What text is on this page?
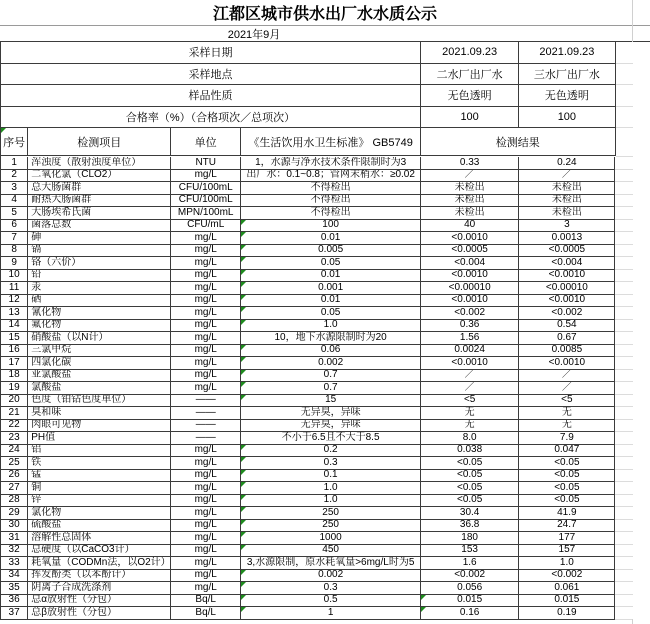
江都区城市供水出厂水水质公示
2021年9月
采样日期	2021.09.23	2021.09.23
采样地点	二水厂出厂水	三水厂出厂水
样品性质	无色透明	无色透明
合格率（%）（合格项次／总项次）	100	100
序号	检测项目	单位	《生活饮用水卫生标准》 GB5749	检测结果
1	浑浊度（散射浊度单位）	NTU	1，水源与净水技术条件限制时为3	0.33	0.24
2	二氧化氯（CLO2）	mg/L	出厂水：0.1~0.8；管网末梢水：≥0.02	／	／
3	总大肠菌群	CFU/100mL	不得检出	未检出	未检出
4	耐热大肠菌群	CFU/100mL	不得检出	未检出	未检出
5	大肠埃希氏菌	MPN/100mL	不得检出	未检出	未检出
6	菌落总数	CFU/mL	100	40	3
7	砷	mg/L	0.01	<0.0010	0.0013
8	镉	mg/L	0.005	<0.0005	<0.0005
9	铬（六价）	mg/L	0.05	<0.004	<0.004
10	铅	mg/L	0.01	<0.0010	<0.0010
11	汞	mg/L	0.001	<0.00010	<0.00010
12	硒	mg/L	0.01	<0.0010	<0.0010
13	氰化物	mg/L	0.05	<0.002	<0.002
14	氟化物	mg/L	1.0	0.36	0.54
15	硝酸盐（以N计）	mg/L	10，地下水源限制时为20	1.56	0.67
16	三氯甲烷	mg/L	0.06	0.0024	0.0085
17	四氯化碳	mg/L	0.002	<0.0010	<0.0010
18	亚氯酸盐	mg/L	0.7	／	／
19	氯酸盐	mg/L	0.7	／	／
20	色度（铂钴色度单位）	——	15	<5	<5
21	臭和味	——	无异臭，异味	无	无
22	肉眼可见物	——	无异臭，异味	无	无
23	PH值	——	不小于6.5且不大于8.5	8.0	7.9
24	铝	mg/L	0.2	0.038	0.047
25	铁	mg/L	0.3	<0.05	<0.05
26	锰	mg/L	0.1	<0.05	<0.05
27	铜	mg/L	1.0	<0.05	<0.05
28	锌	mg/L	1.0	<0.05	<0.05
29	氯化物	mg/L	250	30.4	41.9
30	硫酸盐	mg/L	250	36.8	24.7
31	溶解性总固体	mg/L	1000	180	177
32	总硬度（以CaCO3计）	mg/L	450	153	157
33	耗氧量（CODMn法，以O2计）	mg/L	3,水源限制，原水耗氧量>6mg/L时为5	1.6	1.0
34	挥发酚类（以苯酚计）	mg/L	0.002	<0.002	<0.002
35	阴离子合成洗涤剂	mg/L	0.3	0.056	0.061
36	总α放射性（分包）	Bq/L	0.5	0.015	0.015
37	总β放射性（分包）	Bq/L	1	0.16	0.19
